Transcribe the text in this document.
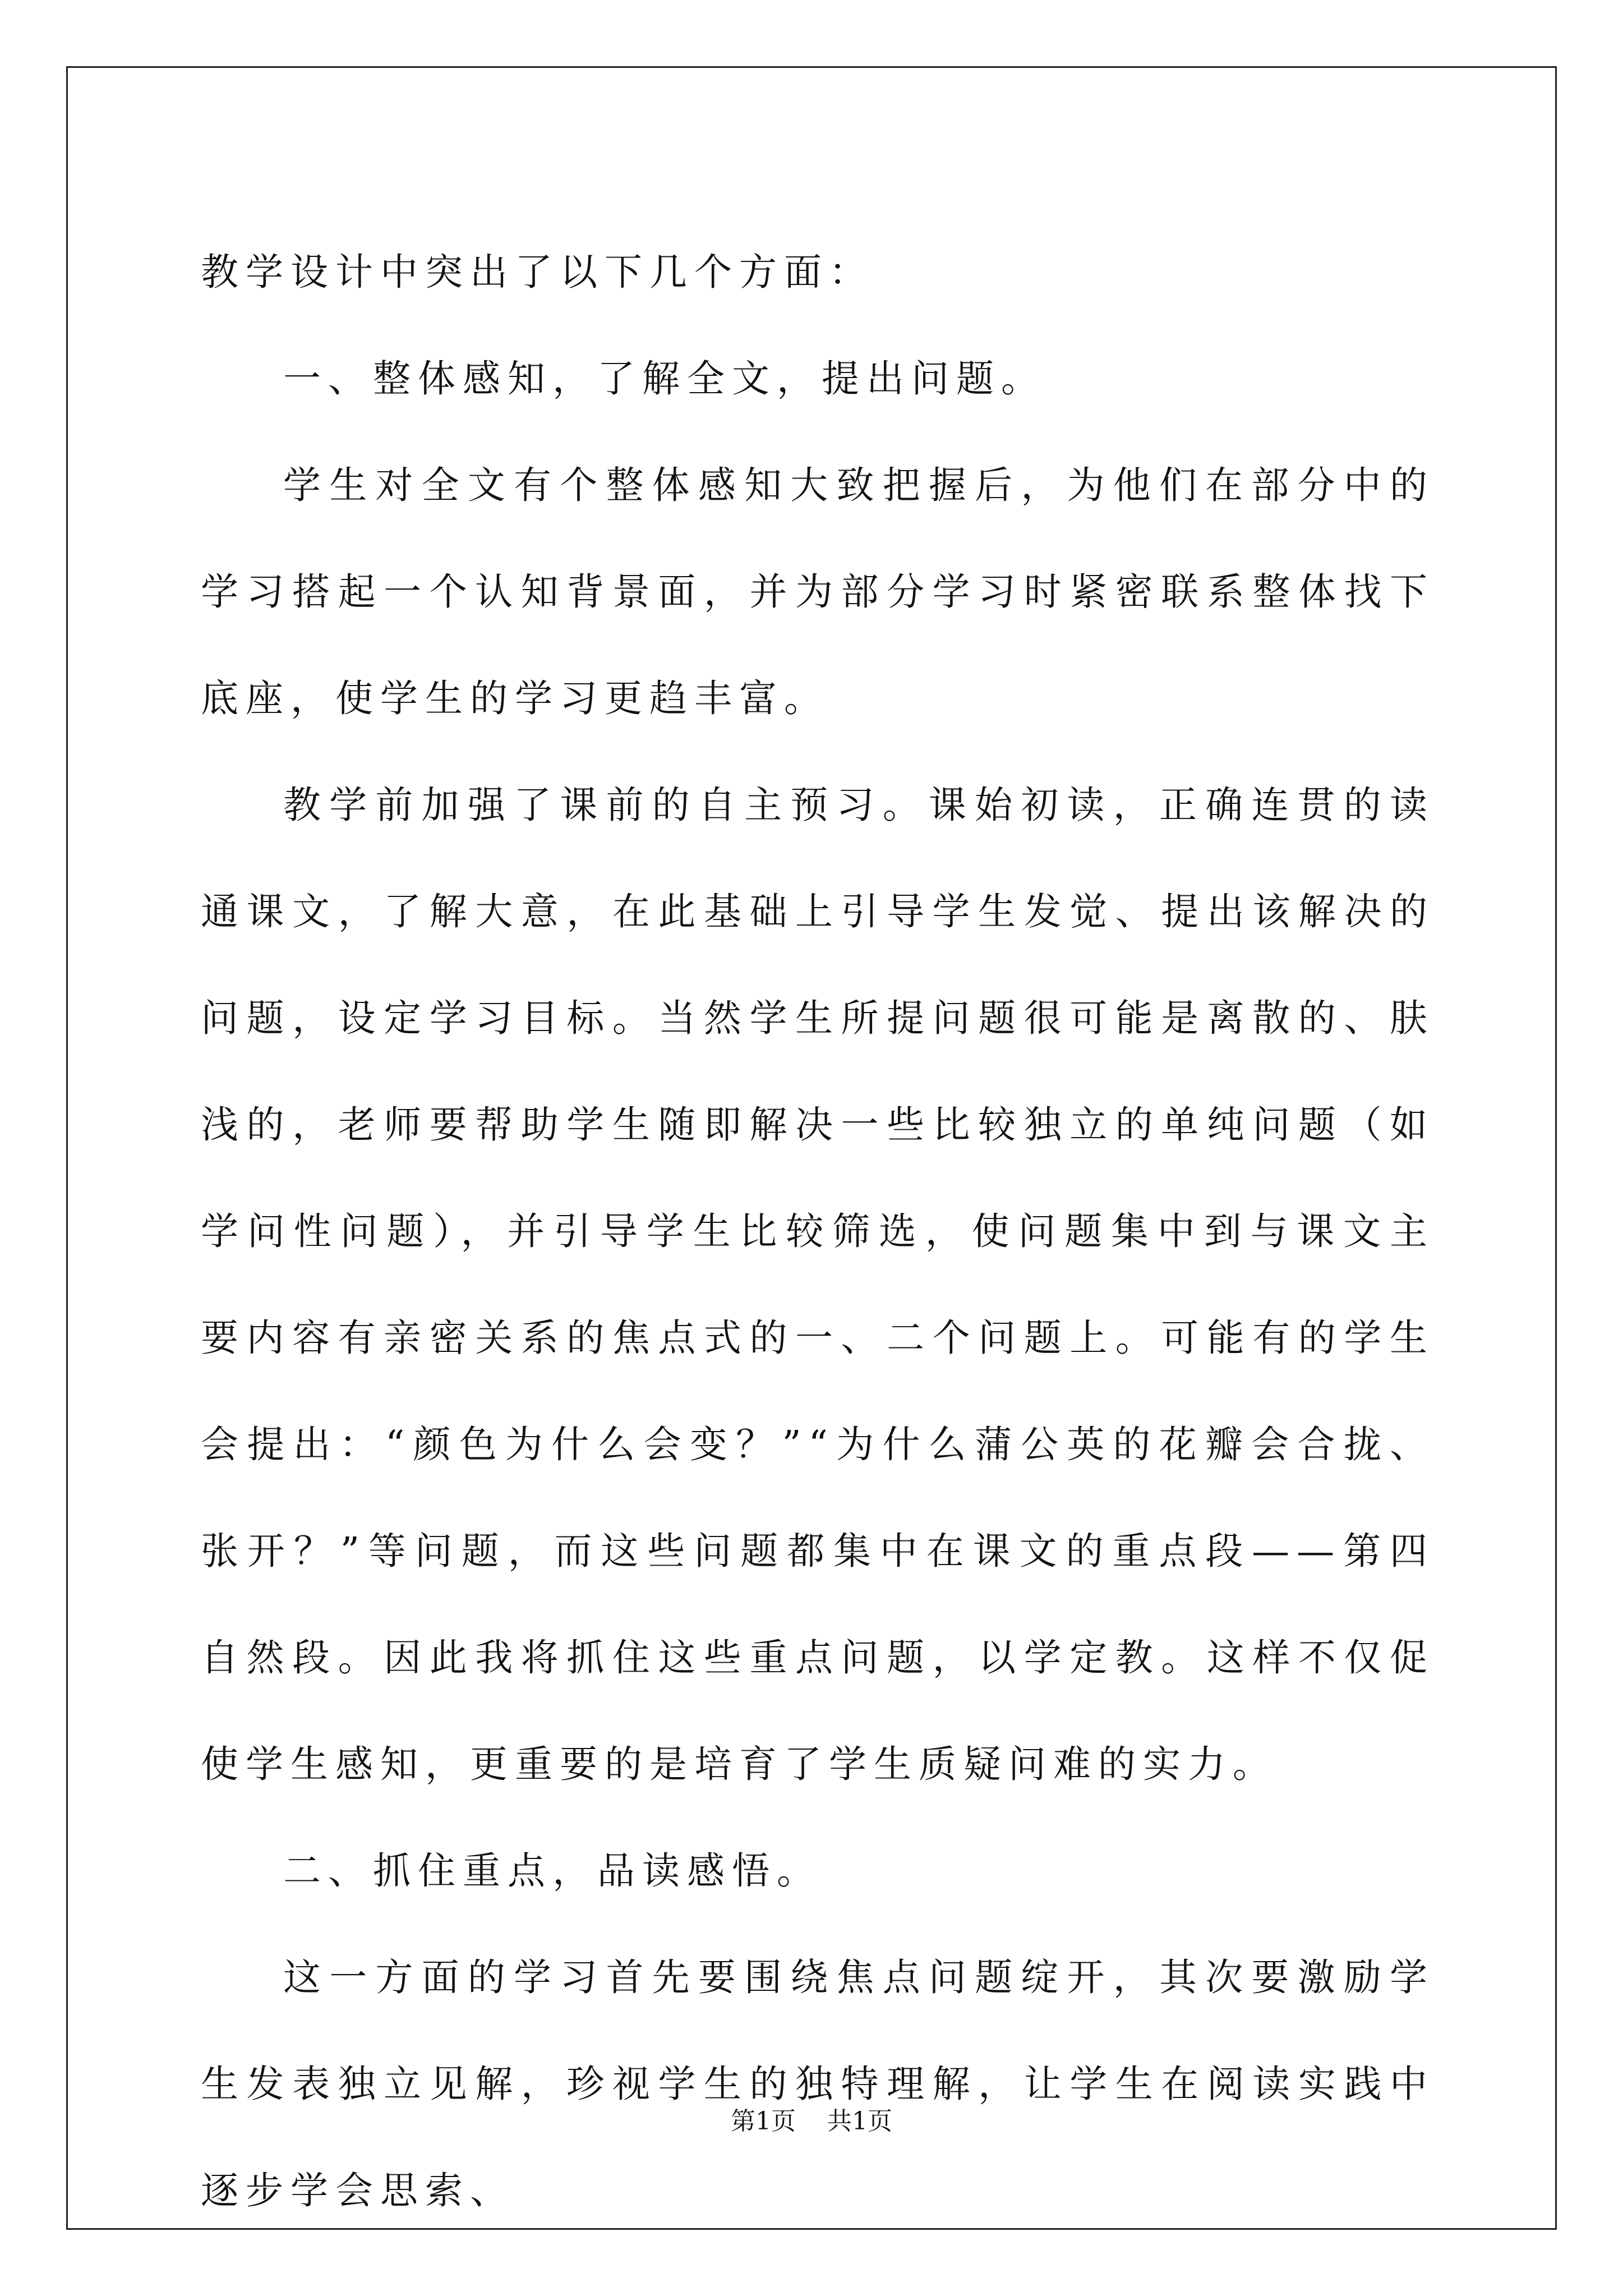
教学设计中突出了以下几个方面：

一、整体感知，了解全文，提出问题。

学生对全文有个整体感知大致把握后，为他们在部分中的学习搭起一个认知背景面，并为部分学习时紧密联系整体找下底座，使学生的学习更趋丰富。

教学前加强了课前的自主预习。课始初读，正确连贯的读通课文，了解大意，在此基础上引导学生发觉、提出该解决的问题，设定学习目标。当然学生所提问题很可能是离散的、肤浅的，老师要帮助学生随即解决一些比较独立的单纯问题（如学问性问题），并引导学生比较筛选，使问题集中到与课文主要内容有亲密关系的焦点式的一、二个问题上。可能有的学生会提出：“颜色为什么会变？”“为什么蒲公英的花瓣会合拢、张开？”等问题，而这些问题都集中在课文的重点段——第四自然段。因此我将抓住这些重点问题，以学定教。这样不仅促使学生感知，更重要的是培育了学生质疑问难的实力。

二、抓住重点，品读感悟。

这一方面的学习首先要围绕焦点问题绽开，其次要激励学生发表独立见解，珍视学生的独特理解，让学生在阅读实践中逐步学会思索、

第1页 共1页
